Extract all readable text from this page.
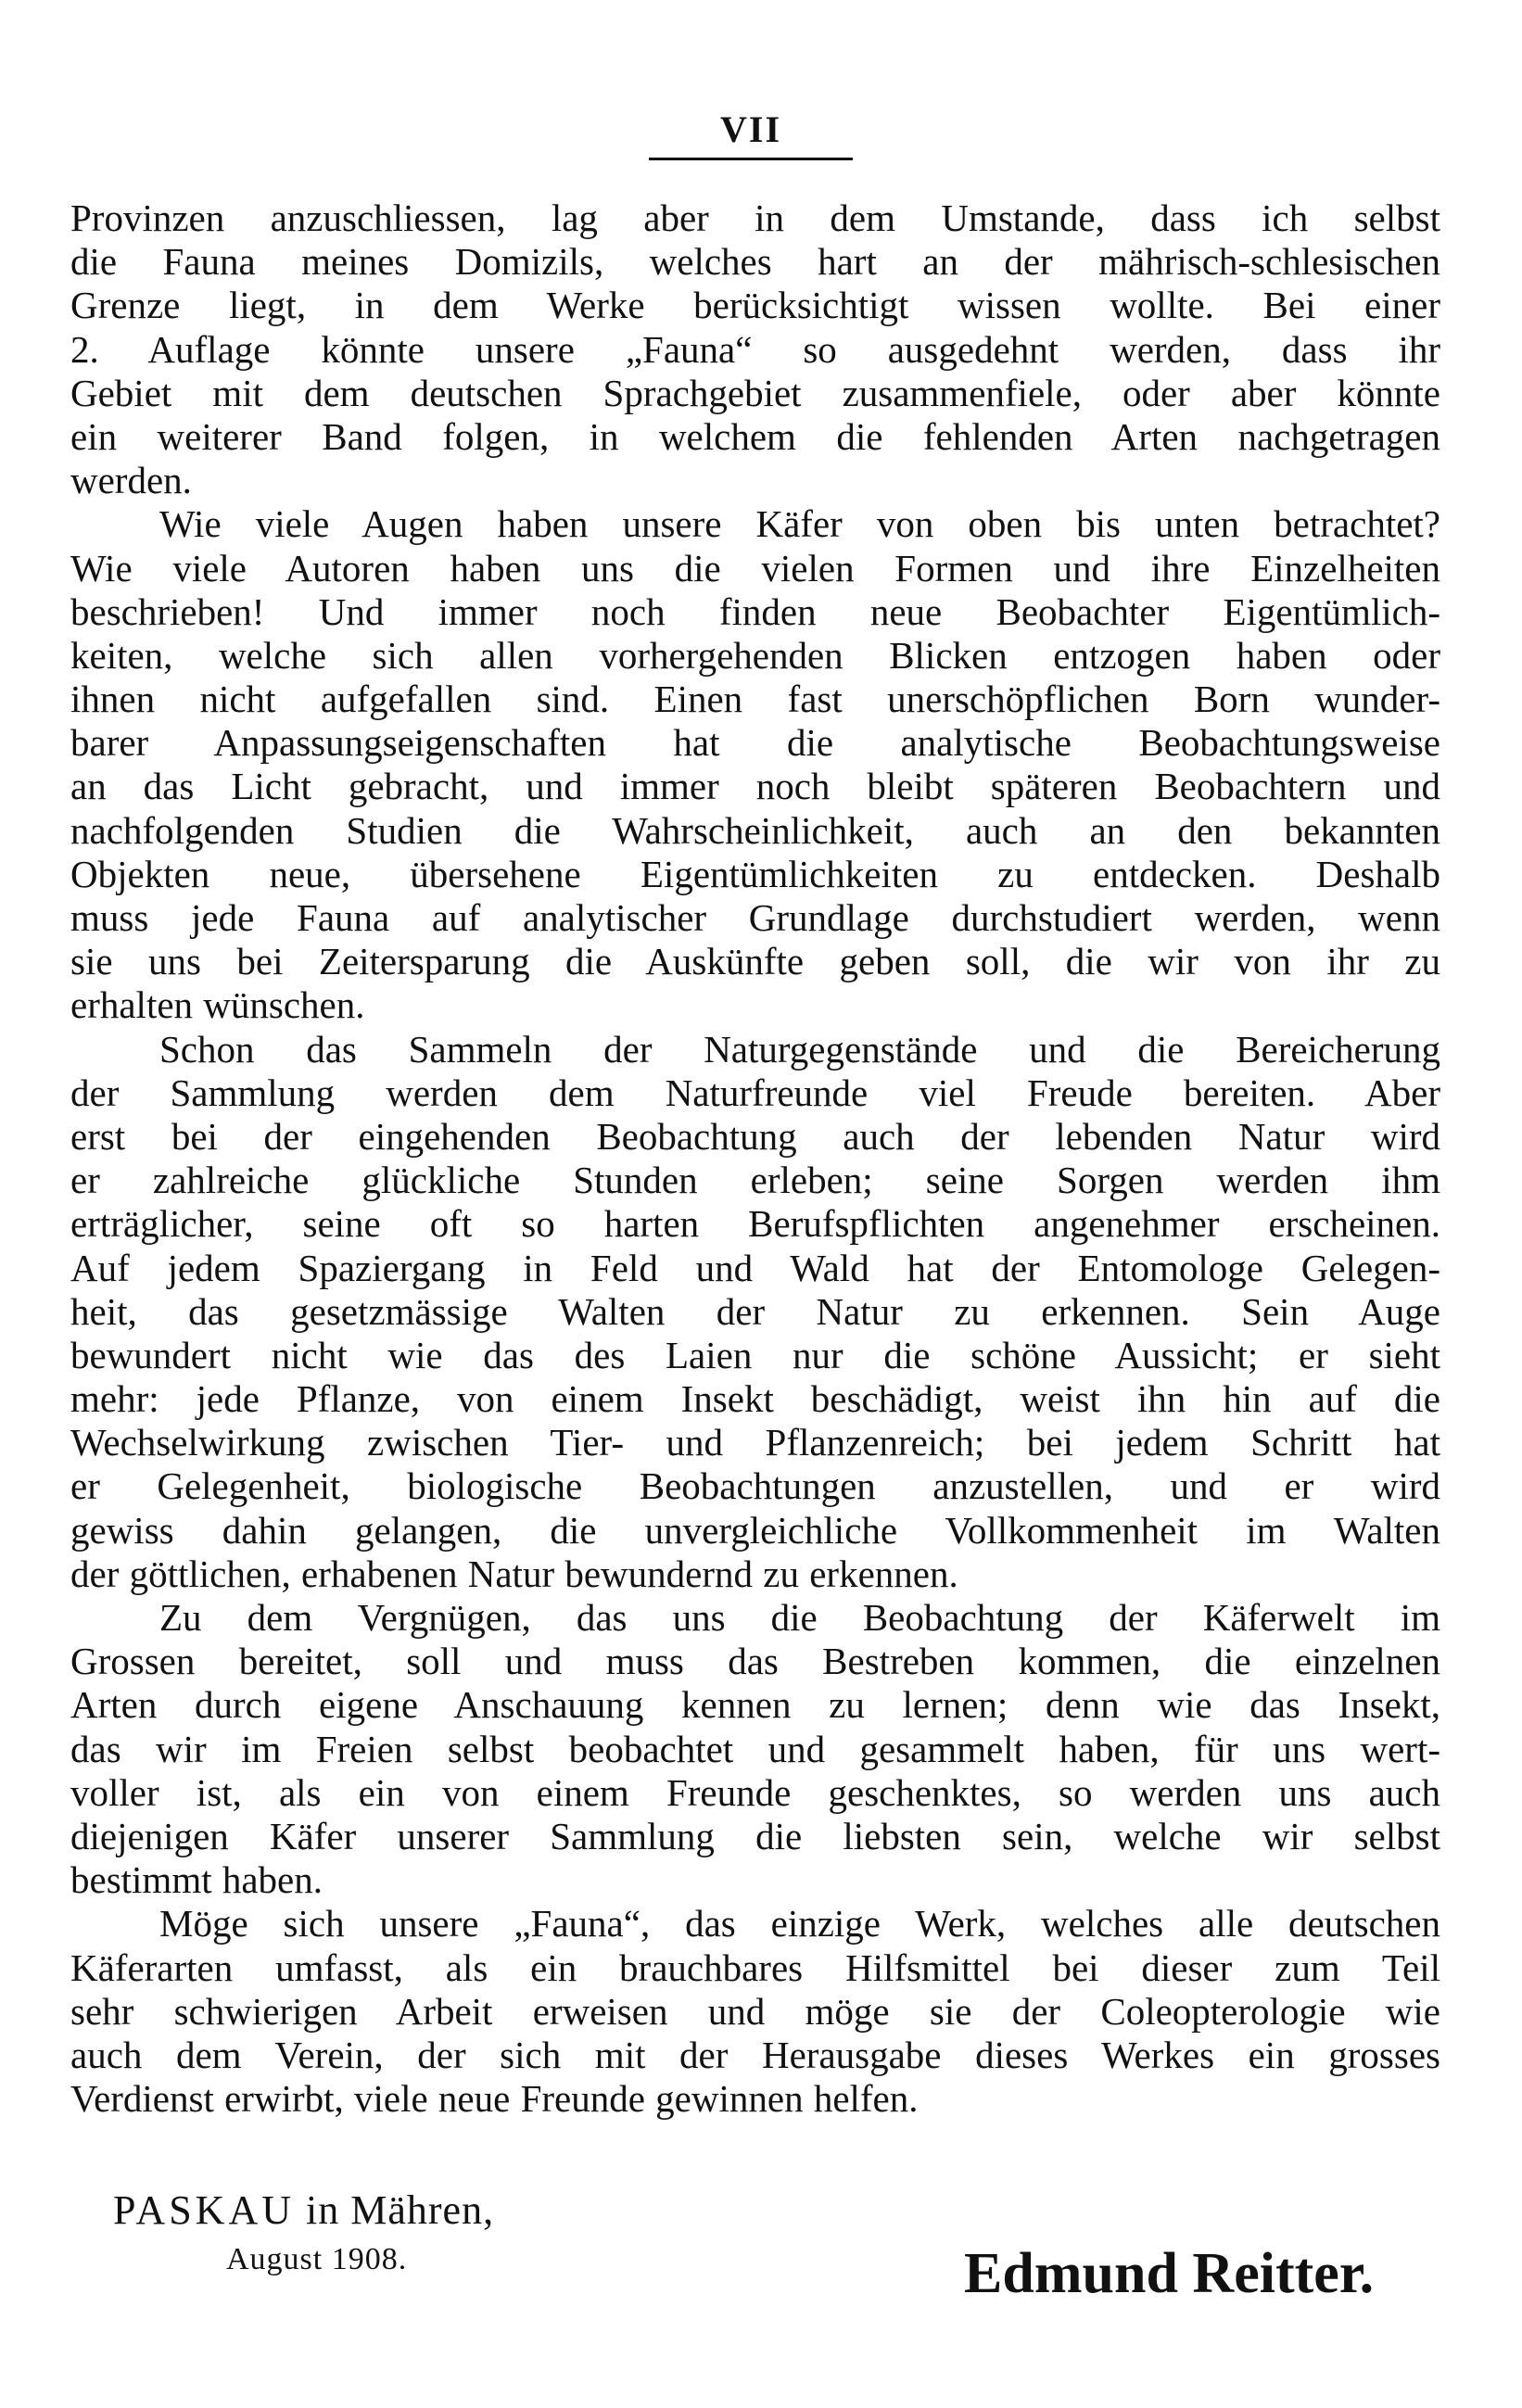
VII
Provinzen anzuschliessen, lag aber in dem Umstande, dass ich selbst
die Fauna meines Domizils, welches hart an der mährisch-schlesischen
Grenze liegt, in dem Werke berücksichtigt wissen wollte. Bei einer
2. Auflage könnte unsere „Fauna“ so ausgedehnt werden, dass ihr
Gebiet mit dem deutschen Sprachgebiet zusammenfiele, oder aber könnte
ein weiterer Band folgen, in welchem die fehlenden Arten nachgetragen
werden.
Wie viele Augen haben unsere Käfer von oben bis unten betrachtet?
Wie viele Autoren haben uns die vielen Formen und ihre Einzelheiten
beschrieben! Und immer noch finden neue Beobachter Eigentümlich-
keiten, welche sich allen vorhergehenden Blicken entzogen haben oder
ihnen nicht aufgefallen sind. Einen fast unerschöpflichen Born wunder-
barer Anpassungseigenschaften hat die analytische Beobachtungsweise
an das Licht gebracht, und immer noch bleibt späteren Beobachtern und
nachfolgenden Studien die Wahrscheinlichkeit, auch an den bekannten
Objekten neue, übersehene Eigentümlichkeiten zu entdecken. Deshalb
muss jede Fauna auf analytischer Grundlage durchstudiert werden, wenn
sie uns bei Zeitersparung die Auskünfte geben soll, die wir von ihr zu
erhalten wünschen.
Schon das Sammeln der Naturgegenstände und die Bereicherung
der Sammlung werden dem Naturfreunde viel Freude bereiten. Aber
erst bei der eingehenden Beobachtung auch der lebenden Natur wird
er zahlreiche glückliche Stunden erleben; seine Sorgen werden ihm
erträglicher, seine oft so harten Berufspflichten angenehmer erscheinen.
Auf jedem Spaziergang in Feld und Wald hat der Entomologe Gelegen-
heit, das gesetzmässige Walten der Natur zu erkennen. Sein Auge
bewundert nicht wie das des Laien nur die schöne Aussicht; er sieht
mehr: jede Pflanze, von einem Insekt beschädigt, weist ihn hin auf die
Wechselwirkung zwischen Tier- und Pflanzenreich; bei jedem Schritt hat
er Gelegenheit, biologische Beobachtungen anzustellen, und er wird
gewiss dahin gelangen, die unvergleichliche Vollkommenheit im Walten
der göttlichen, erhabenen Natur bewundernd zu erkennen.
Zu dem Vergnügen, das uns die Beobachtung der Käferwelt im
Grossen bereitet, soll und muss das Bestreben kommen, die einzelnen
Arten durch eigene Anschauung kennen zu lernen; denn wie das Insekt,
das wir im Freien selbst beobachtet und gesammelt haben, für uns wert-
voller ist, als ein von einem Freunde geschenktes, so werden uns auch
diejenigen Käfer unserer Sammlung die liebsten sein, welche wir selbst
bestimmt haben.
Möge sich unsere „Fauna“, das einzige Werk, welches alle deutschen
Käferarten umfasst, als ein brauchbares Hilfsmittel bei dieser zum Teil
sehr schwierigen Arbeit erweisen und möge sie der Coleopterologie wie
auch dem Verein, der sich mit der Herausgabe dieses Werkes ein grosses
Verdienst erwirbt, viele neue Freunde gewinnen helfen.
PASKAU in Mähren,
August 1908.	Edmund Reitter.
